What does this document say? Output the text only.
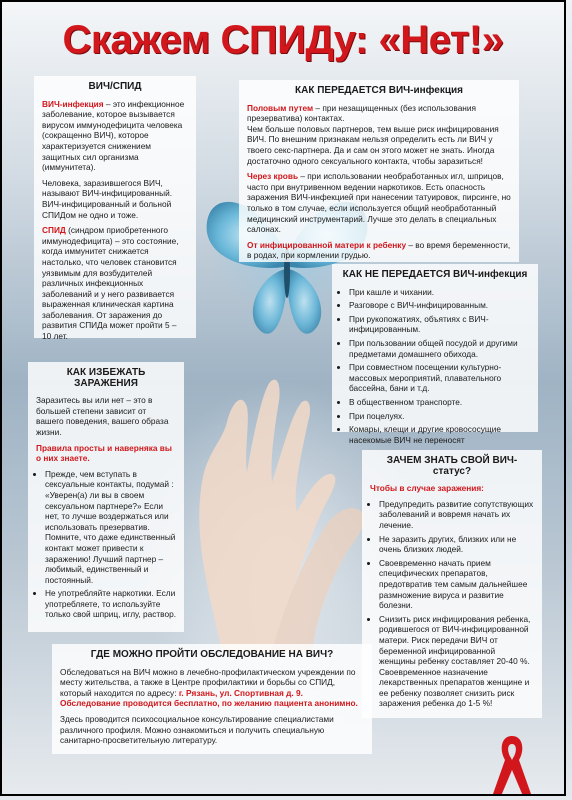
Скажем СПИДу: «Нет!»
ВИЧ/СПИД

ВИЧ-инфекция – это инфекционное заболевание, которое вызывается вирусом иммунодефицита человека (сокращенно ВИЧ), которое характеризуется снижением защитных сил организма (иммунитета).

Человека, заразившегося ВИЧ, называют ВИЧ-инфицированный. ВИЧ-инфицированный и больной СПИДом не одно и тоже.

СПИД (синдром приобретенного иммунодефицита) – это состояние, когда иммунитет снижается настолько, что человек становится уязвимым для возбудителей различных инфекционных заболеваний и у него развивается выраженная клиническая картина заболевания. От заражения до развития СПИДа может пройти 5 – 10 лет.

КАК ПЕРЕДАЕТСЯ ВИЧ-инфекция

Половым путем – при незащищенных (без использования презерватива) контактах.
Чем больше половых партнеров, тем выше риск инфицирования ВИЧ. По внешним признакам нельзя определить есть ли ВИЧ у твоего секс-партнера. Да и сам он этого может не знать. Иногда достаточно одного сексуального контакта, чтобы заразиться!

Через кровь – при использовании необработанных игл, шприцов, часто при внутривенном ведении наркотиков. Есть опасность заражения ВИЧ-инфекцией при нанесении татуировок, пирсинге, но только в том случае, если используется общий необработанный медицинский инструментарий. Лучше это делать в специальных салонах.

От инфицированной матери к ребенку – во время беременности, в родах, при кормлении грудью.

КАК НЕ ПЕРЕДАЕТСЯ ВИЧ-инфекция
• При кашле и чихании.
• Разговоре с ВИЧ-инфицированным.
• При рукопожатиях, объятиях с ВИЧ-инфицированным.
• При пользовании общей посудой и другими предметами домашнего обихода.
• При совместном посещении культурно-массовых мероприятий, плавательного бассейна, бани и т.д.
• В общественном транспорте.
• При поцелуях.
• Комары, клещи и другие кровососущие насекомые ВИЧ не переносят
КАК ИЗБЕЖАТЬ ЗАРАЖЕНИЯ

Заразитесь вы или нет – это в большей степени зависит от вашего поведения, вашего образа жизни.

Правила просты и наверняка вы о них знаете.

• Прежде, чем вступать в сексуальные контакты, подумай : «Уверен(а) ли вы в своем сексуальном партнере?» Если нет, то лучше воздержаться или использовать презерватив. Помните, что даже единственный контакт может привести к заражению! Лучший партнер – любимый, единственный и постоянный.
• Не употребляйте наркотики. Если употребляете, то используйте только свой шприц, иглу, раствор.
ЗАЧЕМ ЗНАТЬ СВОЙ ВИЧ-статус?

Чтобы в случае заражения:

• Предупредить развитие сопутствующих заболеваний и вовремя начать их лечение.
• Не заразить других, близких или не очень близких людей.
• Своевременно начать прием специфических препаратов, предотвратив тем самым дальнейшее размножение вируса и развитие болезни.
• Снизить риск инфицирования ребенка, родившегося от ВИЧ-инфицированной матери. Риск передачи ВИЧ от беременной инфицированной женщины ребенку составляет 20-40 %. Своевременное назначение лекарственных препаратов женщине и ее ребенку позволяет снизить риск заражения ребенка до 1-5 %!
ГДЕ МОЖНО ПРОЙТИ ОБСЛЕДОВАНИЕ НА ВИЧ?

Обследоваться на ВИЧ можно в лечебно-профилактическом учреждении по месту жительства, а также в Центре профилактики и борьбы со СПИД, который находится по адресу: г. Рязань, ул. Спортивная д. 9.
Обследование проводится бесплатно, по желанию пациента анонимно.

Здесь проводится психосоциальное консультирование специалистами различного профиля. Можно ознакомиться и получить специальную санитарно-просветительную литературу.
